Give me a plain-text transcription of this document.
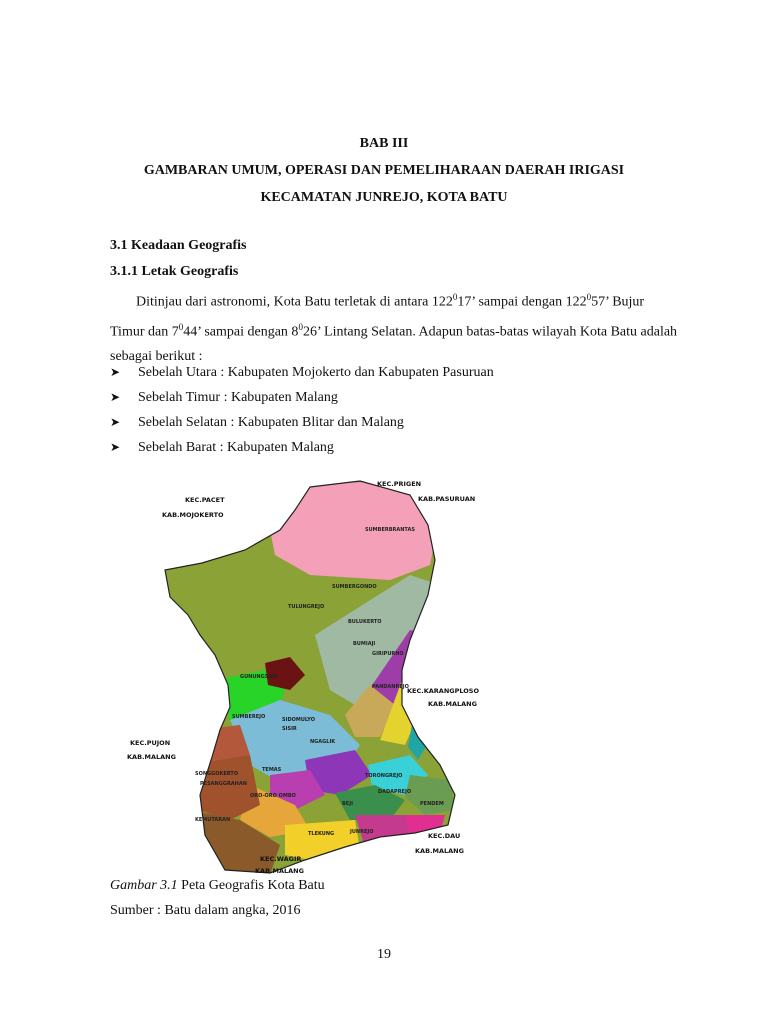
BAB III
GAMBARAN UMUM, OPERASI DAN PEMELIHARAAN DAERAH IRIGASI
KECAMATAN JUNREJO, KOTA BATU
3.1 Keadaan Geografis
3.1.1 Letak Geografis
Ditinjau dari astronomi, Kota Batu terletak di antara $122^017$’ sampai dengan $122^057$’ Bujur Timur dan $7^044$’ sampai dengan $8^026$’ Lintang Selatan. Adapun batas-batas wilayah Kota Batu adalah sebagai berikut :
➤	Sebelah Utara : Kabupaten Mojokerto dan Kabupaten Pasuruan
➤	Sebelah Timur : Kabupaten Malang
➤	Sebelah Selatan : Kabupaten Blitar dan Malang
➤	Sebelah Barat : Kabupaten Malang
KEC.PRIGEN
KAB.PASURUAN
KEC.PACET
KAB.MOJOKERTO
SUMBERBRANTAS
TULUNGREJO
SUMBERGONDO
BULUKERTO
BUMIAJI
GIRIPURNO
GUNUNGSARI
PANDANREJO
KEC.KARANGPLOSO
KAB.MALANG
SUMBEREJO	SIDOMULYO
SISIR
KEC.PUJON
KAB.MALANG
NGAGLIK
SONGGOKERTO
PESANGGRAHAN
ORO-ORO OMBO
TORONGREJO
PENDEM
DADAPREJO
BEJI
TEMAS
KEMUTARAN
TLEKUNG	JUNREJO	KEC.DAU
KAB.MALANG
KEC.WAGIR
KAB.MALANG
Gambar 3.1 Peta Geografis Kota Batu
Sumber : Batu dalam angka, 2016
19
